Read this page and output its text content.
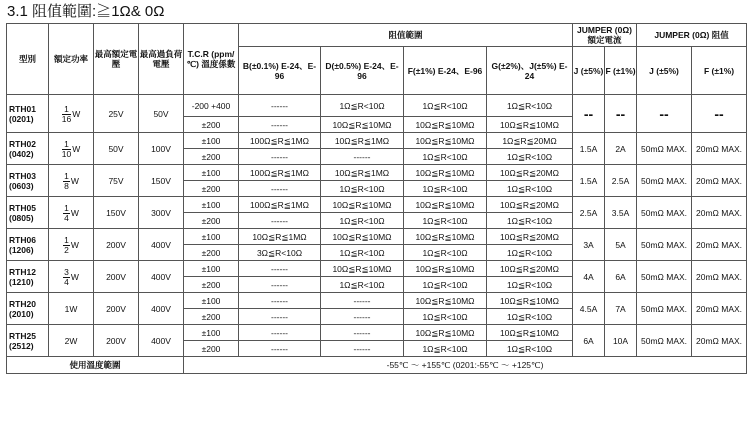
3.1 阻值範圍:≧1Ω& 0Ω
型別	額定功率	最高額定電壓	最高過負荷電壓	T.C.R (ppm/℃) 溫度係數	阻值範圍				JUMPER (0Ω) 額定電流		JUMPER (0Ω) 阻值	
					B(±0.1%) E-24、E-96	D(±0.5%) E-24、E-96	F(±1%) E-24、E-96	G(±2%)、J(±5%) E-24	J (±5%)	F (±1%)	J (±5%)	F (±1%)

RTH01
(0201)	$\frac{1}{16}$ W	25V	50V	-200 +400	------	1Ω≦R<10Ω	1Ω≦R<10Ω	1Ω≦R<10Ω	--	--	--	--
				±200	------	10Ω≦R≦10MΩ	10Ω≦R≦10MΩ	10Ω≦R≦10MΩ				

RTH02
(0402)	$\frac{1}{10}$ W	50V	100V	±100	100Ω≦R≦1MΩ	10Ω≦R≦1MΩ	10Ω≦R≦10MΩ	1Ω≦R≦20MΩ	1.5A	2A	50mΩ MAX.	20mΩ MAX.
				±200	------	------	1Ω≦R<10Ω	1Ω≦R<10Ω				

RTH03
(0603)	$\frac{1}{8}$ W	75V	150V	±100	100Ω≦R≦1MΩ	10Ω≦R≦1MΩ	10Ω≦R≦10MΩ	10Ω≦R≦20MΩ	1.5A	2.5A	50mΩ MAX.	20mΩ MAX.
				±200	------	1Ω≦R<10Ω	1Ω≦R<10Ω	1Ω≦R<10Ω				

RTH05
(0805)	$\frac{1}{4}$ W	150V	300V	±100	100Ω≦R≦1MΩ	10Ω≦R≦10MΩ	10Ω≦R≦10MΩ	10Ω≦R≦20MΩ	2.5A	3.5A	50mΩ MAX.	20mΩ MAX.
				±200	------	1Ω≦R<10Ω	1Ω≦R<10Ω	1Ω≦R<10Ω				

RTH06
(1206)	$\frac{1}{2}$ W	200V	400V	±100	10Ω≦R≦1MΩ	10Ω≦R≦10MΩ	10Ω≦R≦10MΩ	10Ω≦R≦20MΩ	3A	5A	50mΩ MAX.	20mΩ MAX.
				±200	3Ω≦R<10Ω	1Ω≦R<10Ω	1Ω≦R<10Ω	1Ω≦R<10Ω				

RTH12
(1210)	$\frac{3}{4}$ W	200V	400V	±100	------	10Ω≦R≦10MΩ	10Ω≦R≦10MΩ	10Ω≦R≦20MΩ	4A	6A	50mΩ MAX.	20mΩ MAX.
				±200	------	1Ω≦R<10Ω	1Ω≦R<10Ω	1Ω≦R<10Ω				

RTH20
(2010)	1W	200V	400V	±100	------	------	10Ω≦R≦10MΩ	10Ω≦R≦10MΩ	4.5A	7A	50mΩ MAX.	20mΩ MAX.
				±200	------	------	1Ω≦R<10Ω	1Ω≦R<10Ω				

RTH25
(2512)	2W	200V	400V	±100	------	------	10Ω≦R≦10MΩ	10Ω≦R≦10MΩ	6A	10A	50mΩ MAX.	20mΩ MAX.
				±200	------	------	1Ω≦R<10Ω	1Ω≦R<10Ω				
使用溫度範圍				-55℃ ～ +155℃ (0201:-55℃ ～ +125℃)								
